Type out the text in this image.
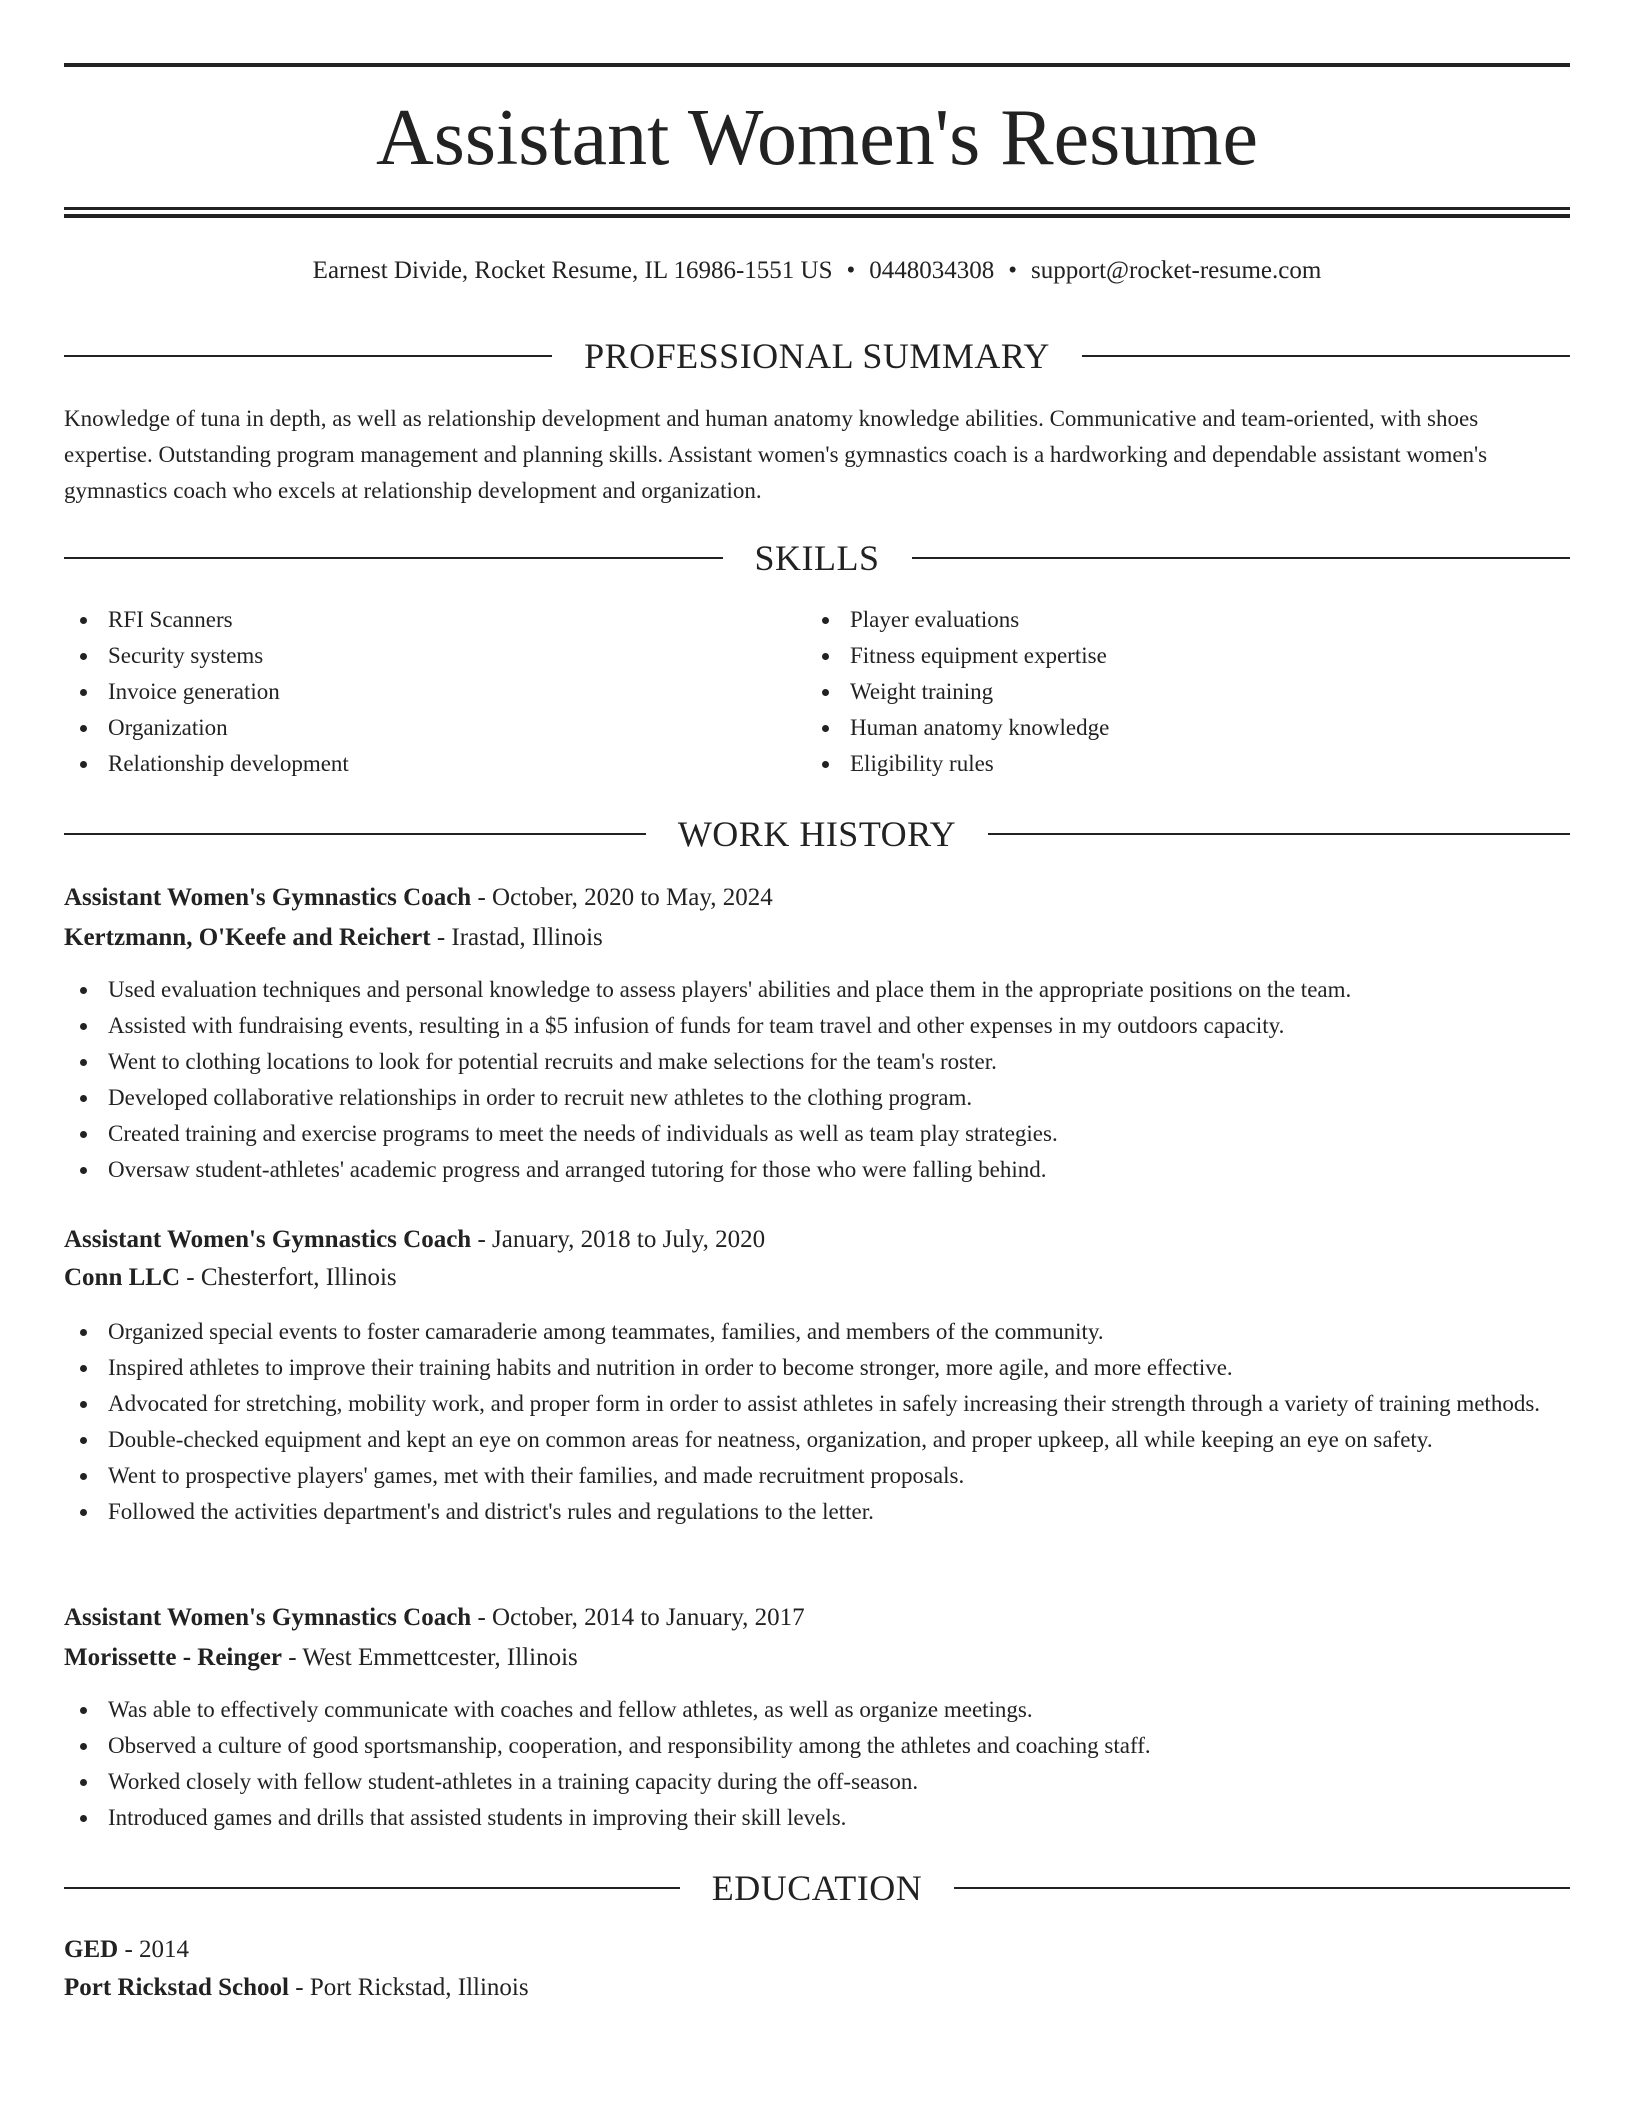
Assistant Women's Resume
Earnest Divide, Rocket Resume, IL 16986-1551 US • 0448034308 • support@rocket-resume.com
PROFESSIONAL SUMMARY

Knowledge of tuna in depth, as well as relationship development and human anatomy knowledge abilities. Communicative and team-oriented, with shoes expertise. Outstanding program management and planning skills. Assistant women's gymnastics coach is a hardworking and dependable assistant women's gymnastics coach who excels at relationship development and organization.

SKILLS
RFI Scanners
Security systems
Invoice generation
Organization
Relationship development
Player evaluations
Fitness equipment expertise
Weight training
Human anatomy knowledge
Eligibility rules
WORK HISTORY
Assistant Women's Gymnastics Coach - October, 2020 to May, 2024
Kertzmann, O'Keefe and Reichert - Irastad, Illinois
Used evaluation techniques and personal knowledge to assess players' abilities and place them in the appropriate positions on the team.
Assisted with fundraising events, resulting in a $5 infusion of funds for team travel and other expenses in my outdoors capacity.
Went to clothing locations to look for potential recruits and make selections for the team's roster.
Developed collaborative relationships in order to recruit new athletes to the clothing program.
Created training and exercise programs to meet the needs of individuals as well as team play strategies.
Oversaw student-athletes' academic progress and arranged tutoring for those who were falling behind.
Assistant Women's Gymnastics Coach - January, 2018 to July, 2020
Conn LLC - Chesterfort, Illinois
Organized special events to foster camaraderie among teammates, families, and members of the community.
Inspired athletes to improve their training habits and nutrition in order to become stronger, more agile, and more effective.
Advocated for stretching, mobility work, and proper form in order to assist athletes in safely increasing their strength through a variety of training methods.
Double-checked equipment and kept an eye on common areas for neatness, organization, and proper upkeep, all while keeping an eye on safety.
Went to prospective players' games, met with their families, and made recruitment proposals.
Followed the activities department's and district's rules and regulations to the letter.
Assistant Women's Gymnastics Coach - October, 2014 to January, 2017
Morissette - Reinger - West Emmettcester, Illinois
Was able to effectively communicate with coaches and fellow athletes, as well as organize meetings.
Observed a culture of good sportsmanship, cooperation, and responsibility among the athletes and coaching staff.
Worked closely with fellow student-athletes in a training capacity during the off-season.
Introduced games and drills that assisted students in improving their skill levels.
EDUCATION
GED - 2014
Port Rickstad School - Port Rickstad, Illinois
